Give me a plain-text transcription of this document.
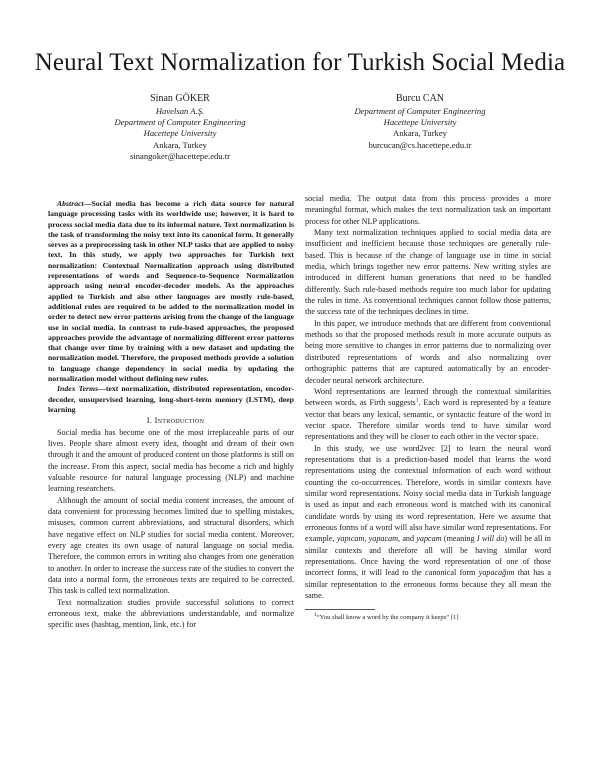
Neural Text Normalization for Turkish Social Media
Sinan GÖKER
Havelsan A.Ş.
Department of Computer Engineering
Hacettepe University
Ankara, Turkey
sinangoker@hacettepe.edu.tr
Burcu CAN
Department of Computer Engineering
Hacettepe University
Ankara, Turkey
burcucan@cs.hacettepe.edu.tr

Abstract—Social media has become a rich data source for natural language processing tasks with its worldwide use; however, it is hard to process social media data due to its informal nature. Text normalization is the task of transforming the noisy text into its canonical form. It generally serves as a preprocessing task in other NLP tasks that are applied to noisy text. In this study, we apply two approaches for Turkish text normalization: Contextual Normalization approach using distributed representations of words and Sequence-to-Sequence Normalization approach using neural encoder-decoder models. As the approaches applied to Turkish and also other languages are mostly rule-based, additional rules are required to be added to the normalization model in order to detect new error patterns arising from the change of the language use in social media. In contrast to rule-based approaches, the proposed approaches provide the advantage of normalizing different error patterns that change over time by training with a new dataset and updating the normalization model. Therefore, the proposed methods provide a solution to language change dependency in social media by updating the normalization model without defining new rules.

Index Terms—text normalization, distributed representation, encoder-decoder, unsupervised learning, long-short-term memory (LSTM), deep learning

I. Introduction

Social media has become one of the most irreplaceable parts of our lives. People share almost every idea, thought and dream of their own through it and the amount of produced content on those platforms is still on the increase. From this aspect, social media has become a rich and highly valuable resource for natural language processing (NLP) and machine learning researchers.

Although the amount of social media content increases, the amount of data convenient for processing becomes limited due to spelling mistakes, misuses, common current abbreviations, and structural disorders, which have negative effect on NLP studies for social media content. Moreover, every age creates its own usage of natural language on social media. Therefore, the common errors in writing also changes from one generation to another. In order to increase the success rate of the studies to convert the data into a normal form, the erroneous texts are required to be corrected. This task is called text normalization.

Text normalization studies provide successful solutions to correct erroneous text, make the abbreviations understandable, and normalize specific uses (hashtag, mention, link, etc.) for

social media. The output data from this process provides a more meaningful format, which makes the text normalization task an important process for other NLP applications.

Many text normalization techniques applied to social media data are insufficient and inefficient because those techniques are generally rule-based. This is because of the change of language use in time in social media, which brings together new error patterns. New writing styles are introduced in different human generations that need to be handled differently. Such rule-based methods require too much labor for updating the rules in time. As conventional techniques cannot follow those patterns, the success rate of the techniques declines in time.

In this paper, we introduce methods that are different from conventional methods so that the proposed methods result in more accurate outputs as being more sensitive to changes in error patterns due to normalizing over distributed representations of words and also normalizing over orthographic patterns that are captured automatically by an encoder-decoder neural network architecture.

Word representations are learned through the contextual similarities between words, as Firth suggests$^1$. Each word is represented by a feature vector that bears any lexical, semantic, or syntactic feature of the word in vector space. Therefore similar words tend to have similar word representations and they will be closer to each other in the vector space.

In this study, we use word2vec [2] to learn the neural word representations that is a prediction-based model that learns the word representations using the contextual information of each word without counting the co-occurrences. Therefore, words in similar contexts have similar word representations. Noisy social media data in Turkish language is used as input and each erroneous word is matched with its canonical candidate words by using its word representation. Here we assume that erroneous forms of a word will also have similar word representations. For example, yapıcam, yapacam, and yapcam (meaning I will do) will be all in similar contexts and therefore all will be having similar word representations. Once having the word representation of one of those incorrect forms, it will lead to the canonical form yapacağım that has a similar representation to the erroneous forms because they all mean the same.

$^1$“You shall know a word by the company it keeps” [1]
